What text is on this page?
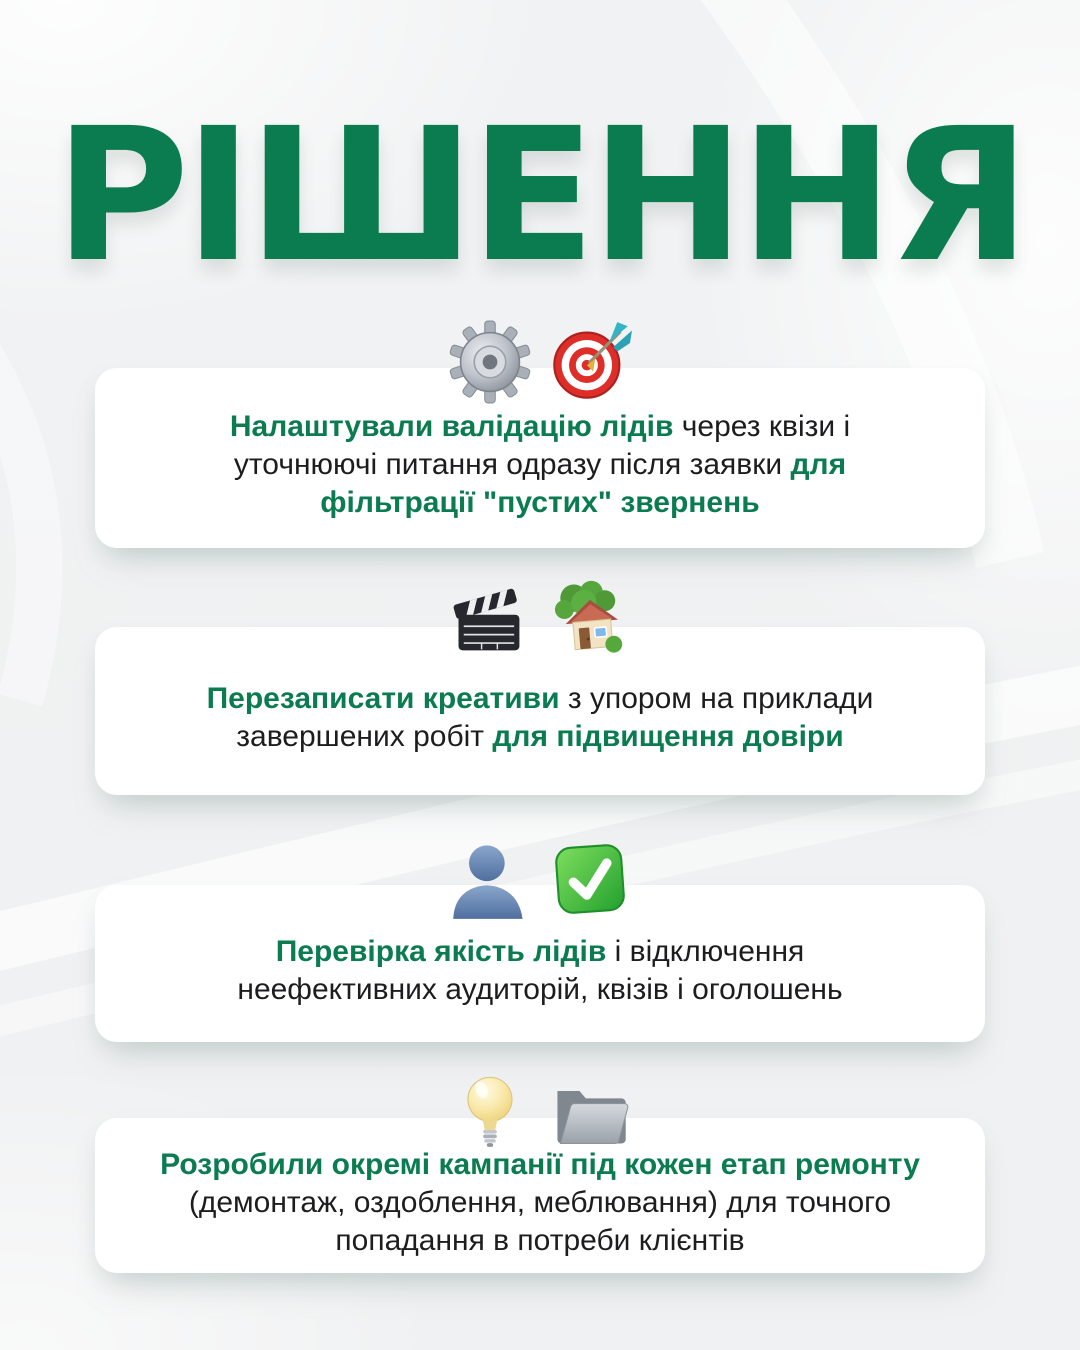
РІШЕННЯ
Налаштували валідацію лідів через квізи і
уточнюючі питання одразу після заявки для
фільтрації "пустих" звернень
Перезаписати креативи з упором на приклади
завершених робіт для підвищення довіри
Перевірка якість лідів і відключення
неефективних аудиторій, квізів і оголошень
Розробили окремі кампанії під кожен етап ремонту
(демонтаж, оздоблення, меблювання) для точного
попадання в потреби клієнтів
